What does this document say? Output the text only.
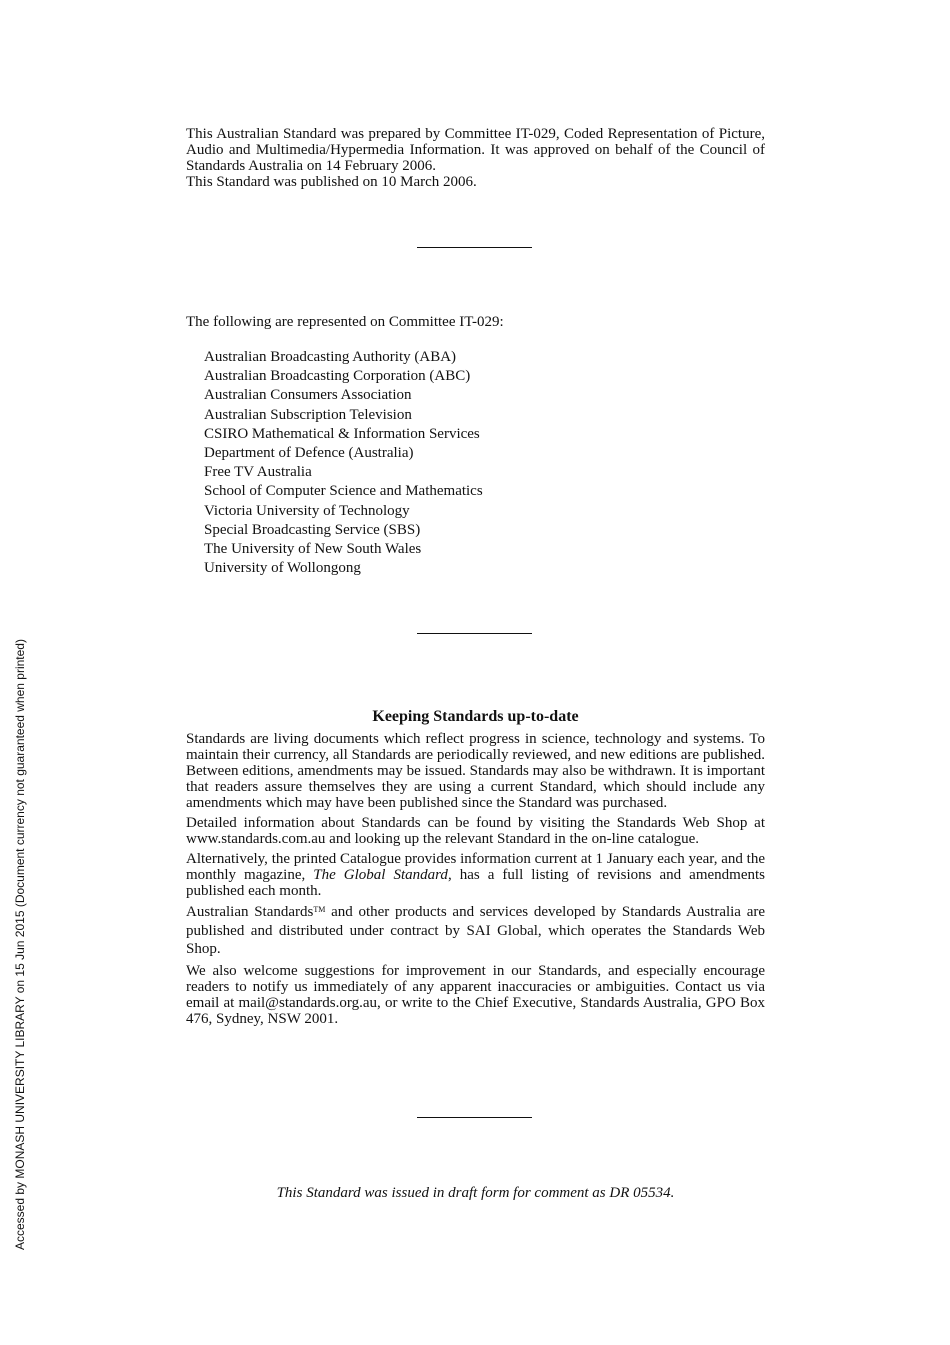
This Australian Standard was prepared by Committee IT-029, Coded Representation of Picture, Audio and Multimedia/Hypermedia Information. It was approved on behalf of the Council of Standards Australia on 14 February 2006.
This Standard was published on 10 March 2006.
The following are represented on Committee IT-029:
Australian Broadcasting Authority (ABA)
Australian Broadcasting Corporation (ABC)
Australian Consumers Association
Australian Subscription Television
CSIRO Mathematical & Information Services
Department of Defence (Australia)
Free TV Australia
School of Computer Science and Mathematics
Victoria University of Technology
Special Broadcasting Service (SBS)
The University of New South Wales
University of Wollongong
Keeping Standards up-to-date

Standards are living documents which reflect progress in science, technology and systems. To maintain their currency, all Standards are periodically reviewed, and new editions are published. Between editions, amendments may be issued. Standards may also be withdrawn. It is important that readers assure themselves they are using a current Standard, which should include any amendments which may have been published since the Standard was purchased.

Detailed information about Standards can be found by visiting the Standards Web Shop at www.standards.com.au and looking up the relevant Standard in the on-line catalogue.

Alternatively, the printed Catalogue provides information current at 1 January each year, and the monthly magazine, The Global Standard, has a full listing of revisions and amendments published each month.

Australian Standards™ and other products and services developed by Standards Australia are published and distributed under contract by SAI Global, which operates the Standards Web Shop.

We also welcome suggestions for improvement in our Standards, and especially encourage readers to notify us immediately of any apparent inaccuracies or ambiguities. Contact us via email at mail@standards.org.au, or write to the Chief Executive, Standards Australia, GPO Box 476, Sydney, NSW 2001.

This Standard was issued in draft form for comment as DR 05534.
Accessed by MONASH UNIVERSITY LIBRARY on 15 Jun 2015 (Document currency not guaranteed when printed)
